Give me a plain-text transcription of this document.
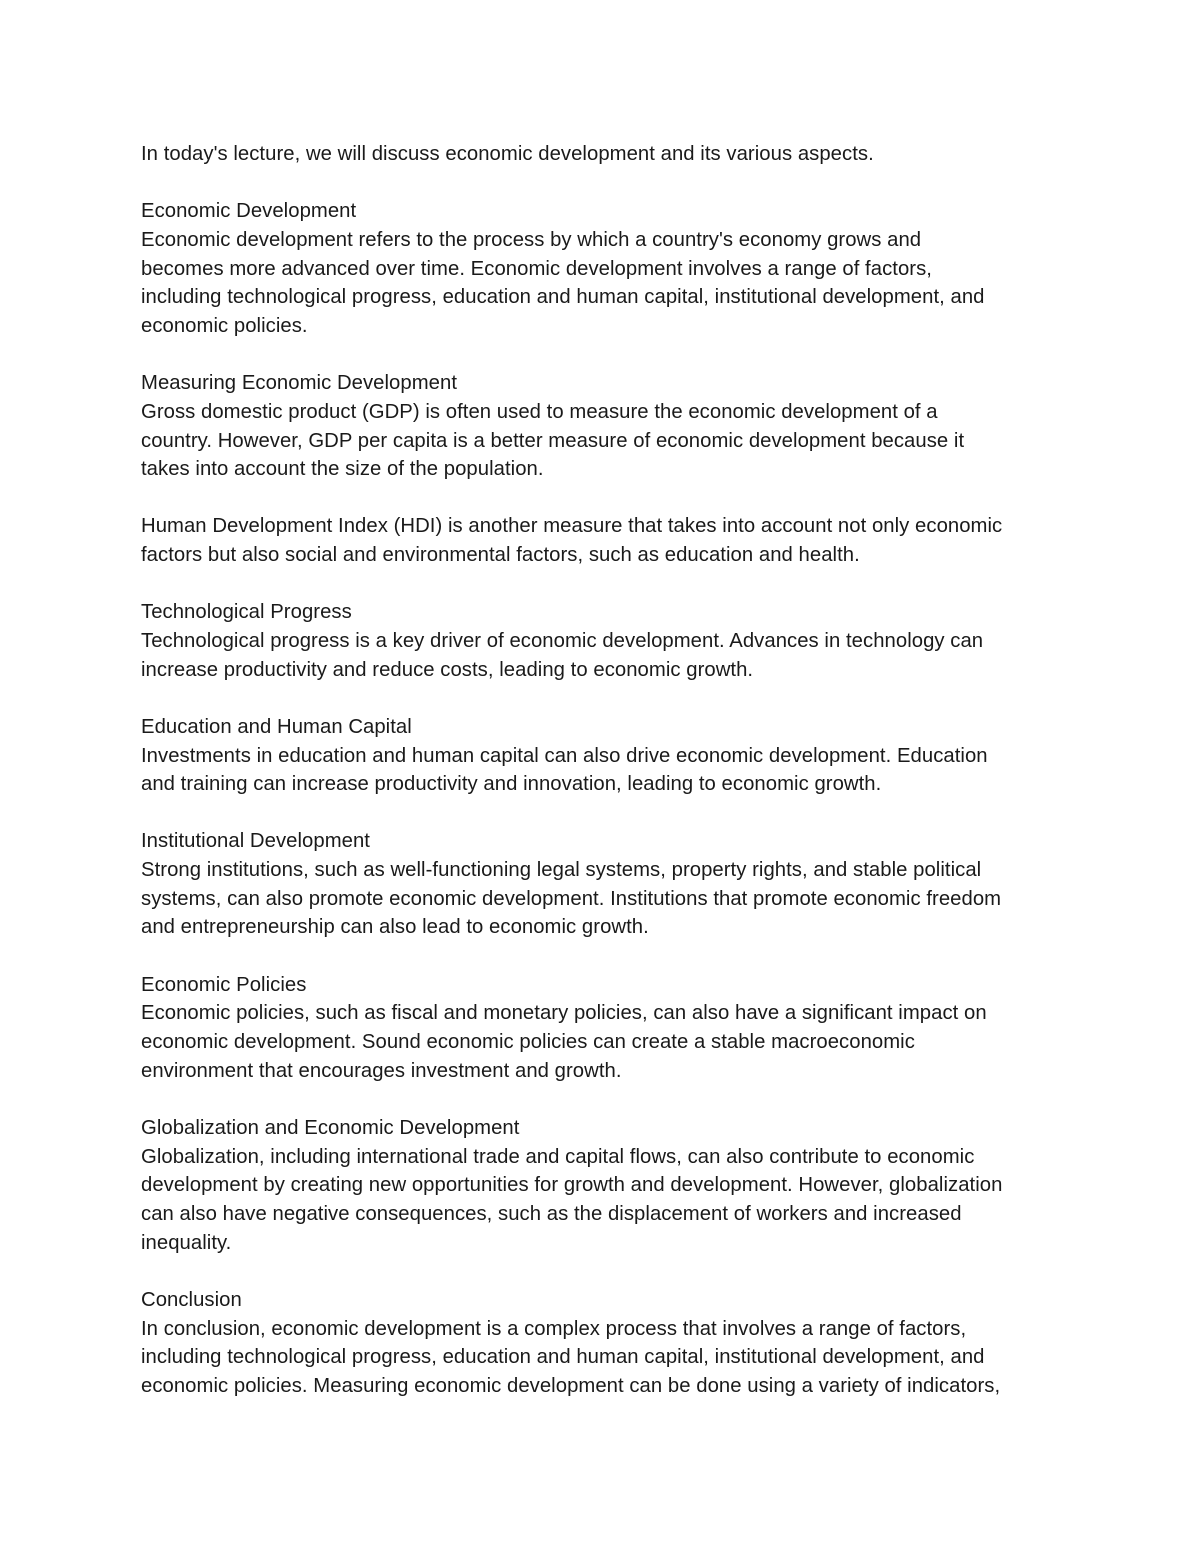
In today's lecture, we will discuss economic development and its various aspects.
Economic Development
Economic development refers to the process by which a country's economy grows and
becomes more advanced over time. Economic development involves a range of factors,
including technological progress, education and human capital, institutional development, and
economic policies.
Measuring Economic Development
Gross domestic product (GDP) is often used to measure the economic development of a
country. However, GDP per capita is a better measure of economic development because it
takes into account the size of the population.
Human Development Index (HDI) is another measure that takes into account not only economic
factors but also social and environmental factors, such as education and health.
Technological Progress
Technological progress is a key driver of economic development. Advances in technology can
increase productivity and reduce costs, leading to economic growth.
Education and Human Capital
Investments in education and human capital can also drive economic development. Education
and training can increase productivity and innovation, leading to economic growth.
Institutional Development
Strong institutions, such as well-functioning legal systems, property rights, and stable political
systems, can also promote economic development. Institutions that promote economic freedom
and entrepreneurship can also lead to economic growth.
Economic Policies
Economic policies, such as fiscal and monetary policies, can also have a significant impact on
economic development. Sound economic policies can create a stable macroeconomic
environment that encourages investment and growth.
Globalization and Economic Development
Globalization, including international trade and capital flows, can also contribute to economic
development by creating new opportunities for growth and development. However, globalization
can also have negative consequences, such as the displacement of workers and increased
inequality.
Conclusion
In conclusion, economic development is a complex process that involves a range of factors,
including technological progress, education and human capital, institutional development, and
economic policies. Measuring economic development can be done using a variety of indicators,
